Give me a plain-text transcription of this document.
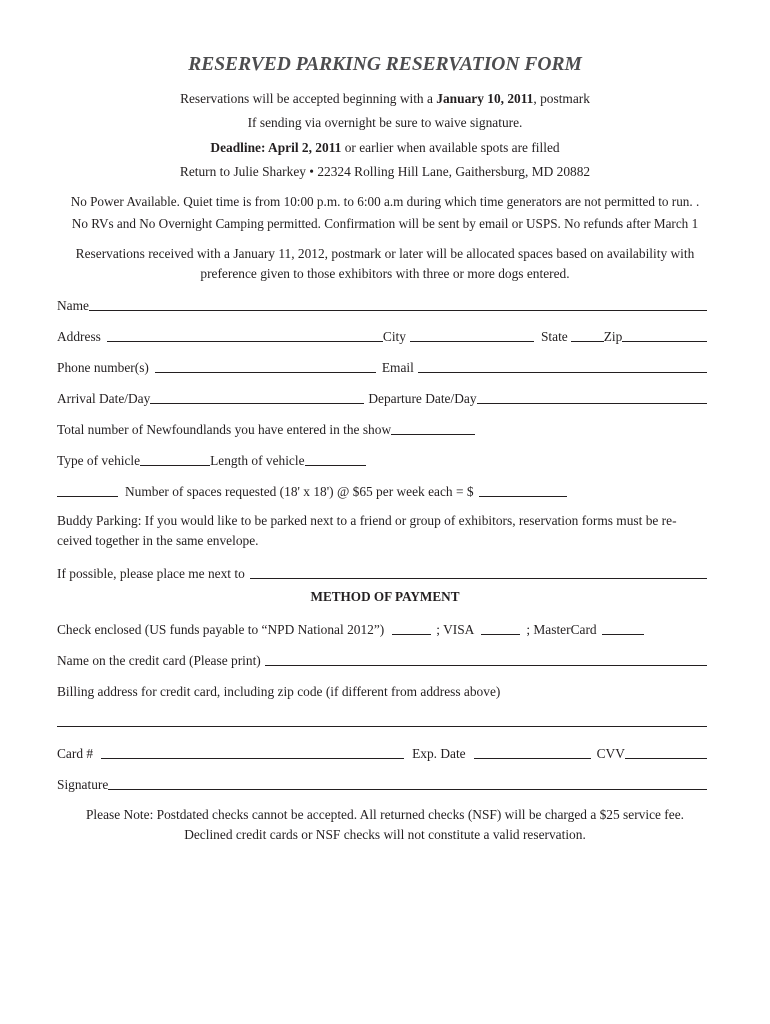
RESERVED PARKING RESERVATION FORM
Reservations will be accepted beginning with a January 10, 2011, postmark
If sending via overnight be sure to waive signature.
Deadline: April 2, 2011 or earlier when available spots are filled
Return to Julie Sharkey • 22324 Rolling Hill Lane, Gaithersburg, MD 20882
No Power Available. Quiet time is from 10:00 p.m. to 6:00 a.m during which time generators are not permitted to run. .
No RVs and No Overnight Camping permitted. Confirmation will be sent by email or USPS. No refunds after March 1
Reservations received with a January 11, 2012, postmark or later will be allocated spaces based on availability with
preference given to those exhibitors with three or more dogs entered.
Name
Address	City	State	Zip
Phone number(s)	Email
Arrival Date/Day	Departure Date/Day
Total number of Newfoundlands you have entered in the show
Type of vehicle	Length of vehicle
Number of spaces requested (18' x 18') @ $65 per week each = $
Buddy Parking: If you would like to be parked next to a friend or group of exhibitors, reservation forms must be re-ceived together in the same envelope.
If possible, please place me next to
METHOD OF PAYMENT
Check enclosed (US funds payable to “NPD National 2012”)	; VISA	; MasterCard
Name on the credit card (Please print)
Billing address for credit card, including zip code (if different from address above)
Card #	Exp. Date	CVV
Signature
Please Note: Postdated checks cannot be accepted. All returned checks (NSF) will be charged a $25 service fee.
Declined credit cards or NSF checks will not constitute a valid reservation.
